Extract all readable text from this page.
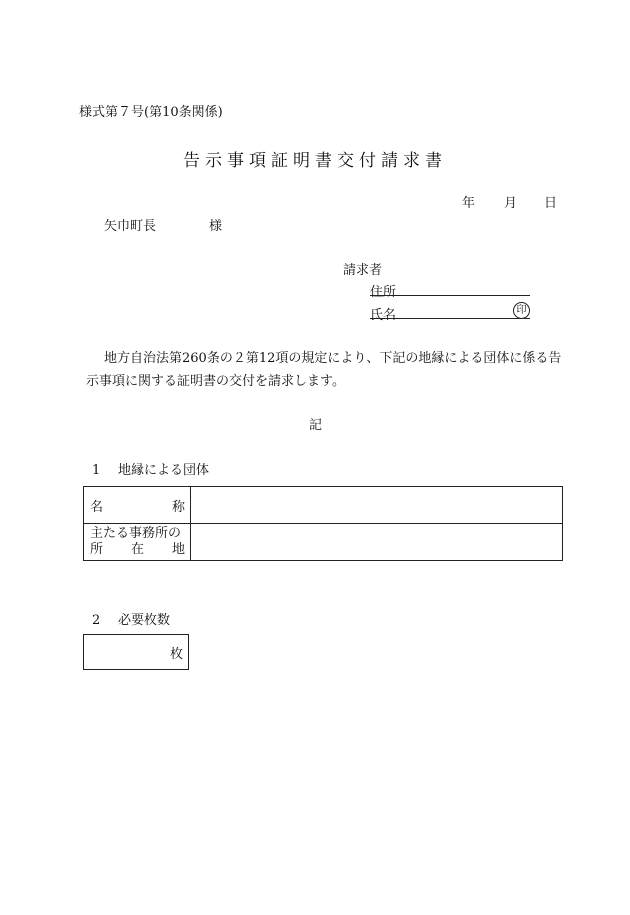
様式第７号(第10条関係)
告示事項証明書交付請求書
年 月 日
矢巾町長	様
請求者
住所
氏名	印
地方自治法第260条の２第12項の規定により、下記の地縁による団体に係る告示事項に関する証明書の交付を請求します。
記
1 地縁による団体
名 称	

主たる事務所の
所 在 地	

2 必要枚数
枚
